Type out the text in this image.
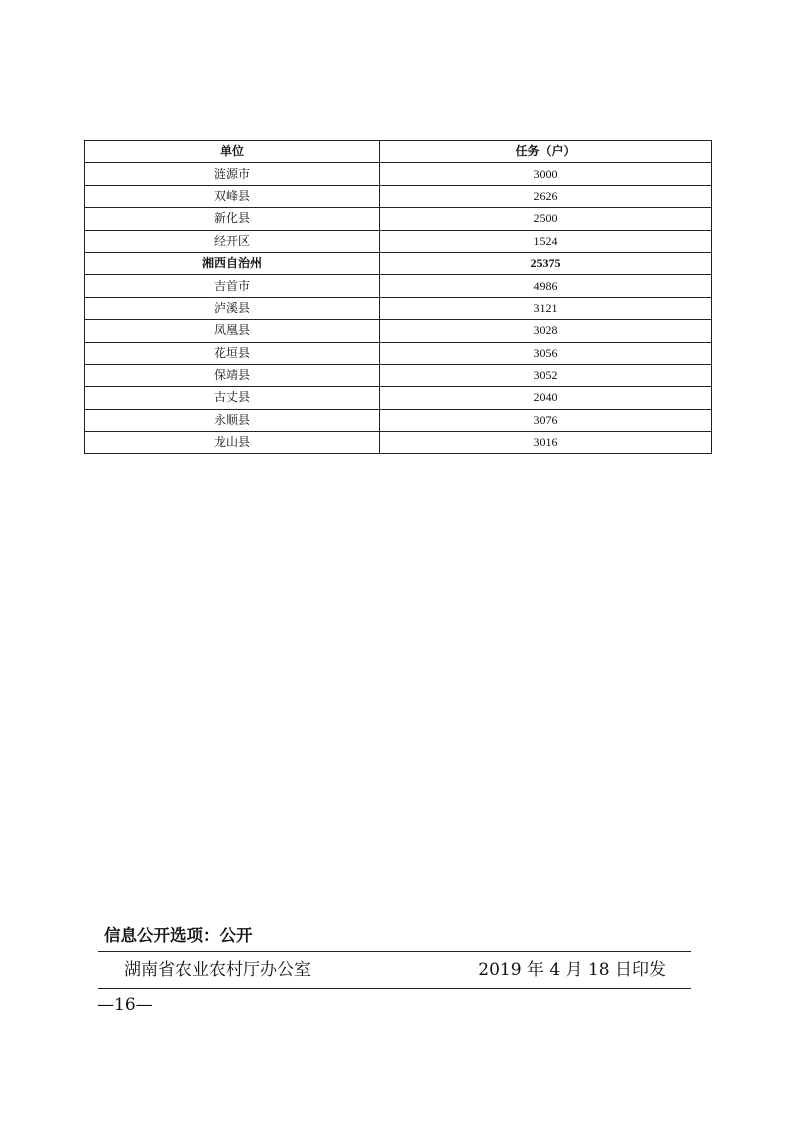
单位	任务（户）
涟源市	3000
双峰县	2626
新化县	2500
经开区	1524
湘西自治州	25375
吉首市	4986
泸溪县	3121
凤凰县	3028
花垣县	3056
保靖县	3052
古丈县	2040
永顺县	3076
龙山县	3016
信息公开选项：公开
湖南省农业农村厅办公室	2019 年 4 月 18 日印发
—16—
